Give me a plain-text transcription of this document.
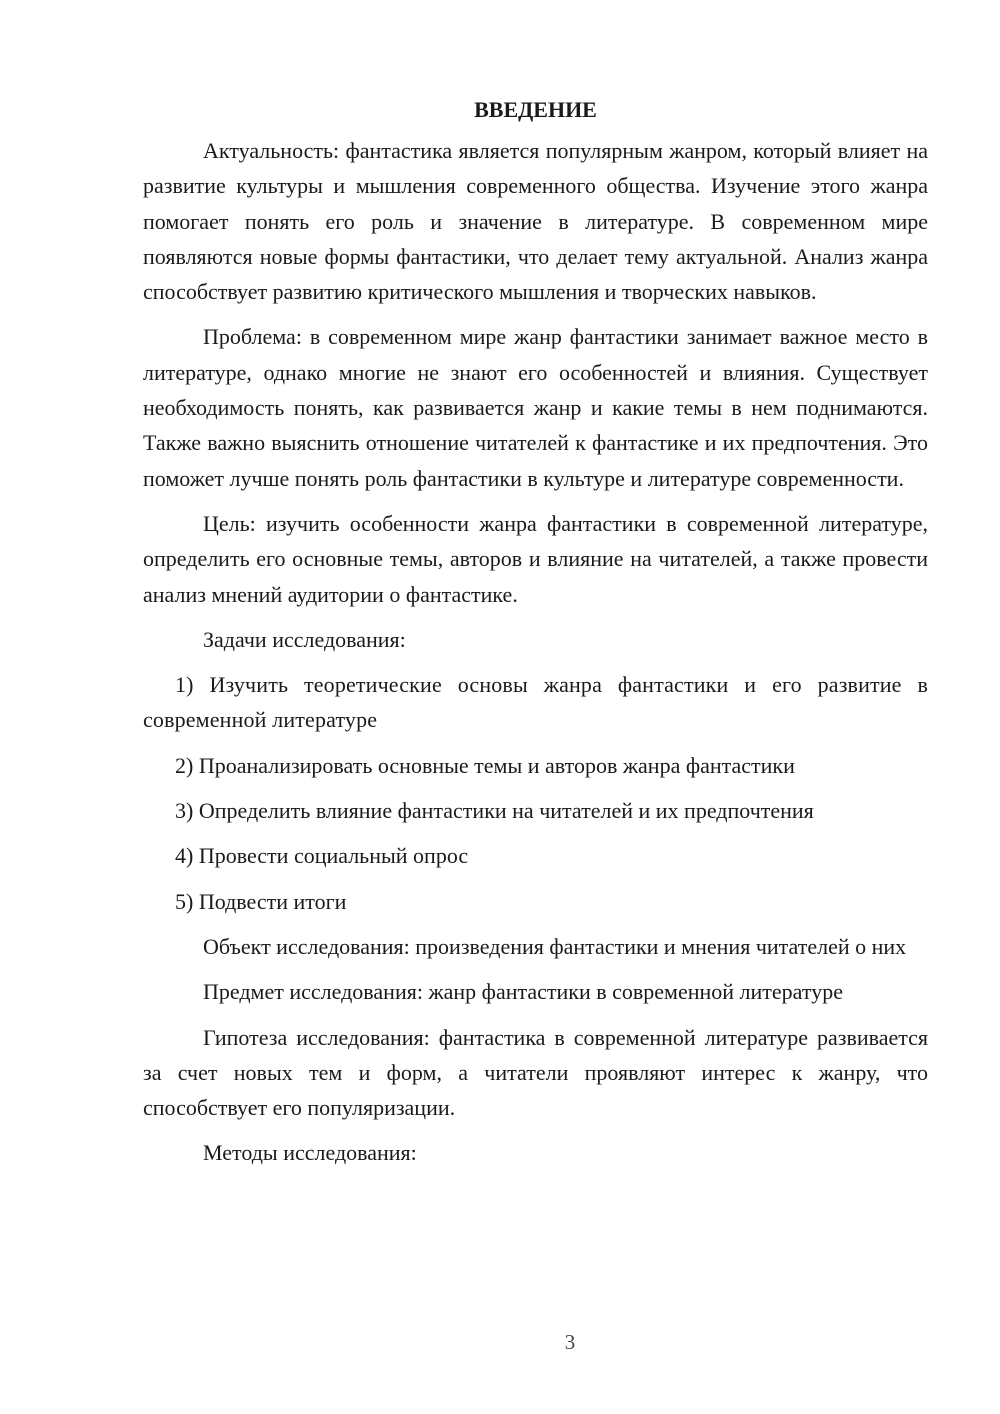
ВВЕДЕНИЕ

Актуальность: фантастика является популярным жанром, который влияет на развитие культуры и мышления современного общества. Изучение этого жанра помогает понять его роль и значение в литературе. В современном мире появляются новые формы фантастики, что делает тему актуальной. Анализ жанра способствует развитию критического мышления и творческих навыков.

Проблема: в современном мире жанр фантастики занимает важное место в литературе, однако многие не знают его особенностей и влияния. Существует необходимость понять, как развивается жанр и какие темы в нем поднимаются. Также важно выяснить отношение читателей к фантастике и их предпочтения. Это поможет лучше понять роль фантастики в культуре и литературе современности.

Цель: изучить особенности жанра фантастики в современной литературе, определить его основные темы, авторов и влияние на читателей, а также провести анализ мнений аудитории о фантастике.

Задачи исследования:

1) Изучить теоретические основы жанра фантастики и его развитие в современной литературе

2) Проанализировать основные темы и авторов жанра фантастики

3) Определить влияние фантастики на читателей и их предпочтения

4) Провести социальный опрос

5) Подвести итоги

Объект исследования: произведения фантастики и мнения читателей о них

Предмет исследования: жанр фантастики в современной литературе

Гипотеза исследования: фантастика в современной литературе развивается за счет новых тем и форм, а читатели проявляют интерес к жанру, что способствует его популяризации.

Методы исследования:

3
